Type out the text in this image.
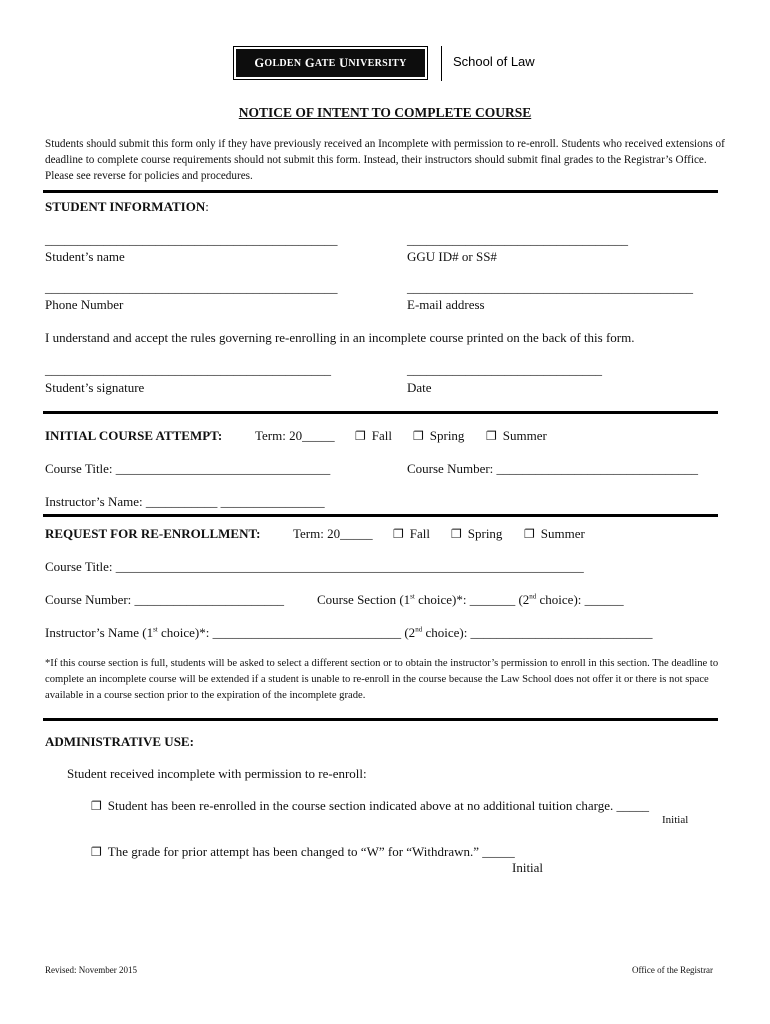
G OLDEN
G ATE
U NIVERSITY	School of Law
NOTICE OF INTENT TO COMPLETE COURSE
Students should submit this form only if they have previously received an Incomplete with permission to re-enroll. Students who received extensions of deadline to complete course requirements should not submit this form. Instead, their instructors should submit final grades to the Registrar’s Office. Please see reverse for policies and procedures.
STUDENT INFORMATION:
_____________________________________________
Student’s name
__________________________________
GGU ID# or SS#
_____________________________________________
Phone Number
____________________________________________
E-mail address
I understand and accept the rules governing re-enrolling in an incomplete course printed on the back of this form.
____________________________________________
Student’s signature
______________________________
Date
INITIAL COURSE ATTEMPT:	Term: 20_____ ❐ Fall ❐ Spring ❐ Summer
Course Title: _________________________________	Course Number: _______________________________
Instructor’s Name: ___________ ________________
REQUEST FOR RE-ENROLLMENT:	Term: 20_____ ❐ Fall ❐ Spring ❐ Summer
Course Title: ________________________________________________________________________
Course Number: _______________________	Course Section (1st choice)*: _______ (2nd choice): ______
Instructor’s Name (1st choice)*: _____________________________ (2nd choice): ____________________________
*If this course section is full, students will be asked to select a different section or to obtain the instructor’s permission to enroll in this section. The deadline to complete an incomplete course will be extended if a student is unable to re-enroll in the course because the Law School does not offer it or there is not space available in a course section prior to the expiration of the incomplete grade.
ADMINISTRATIVE USE:
Student received incomplete with permission to re-enroll:
❐ Student has been re-enrolled in the course section indicated above at no additional tuition charge. _____
Initial
❐ The grade for prior attempt has been changed to “W” for “Withdrawn.” _____
Initial
Revised: November 2015	Office of the Registrar
